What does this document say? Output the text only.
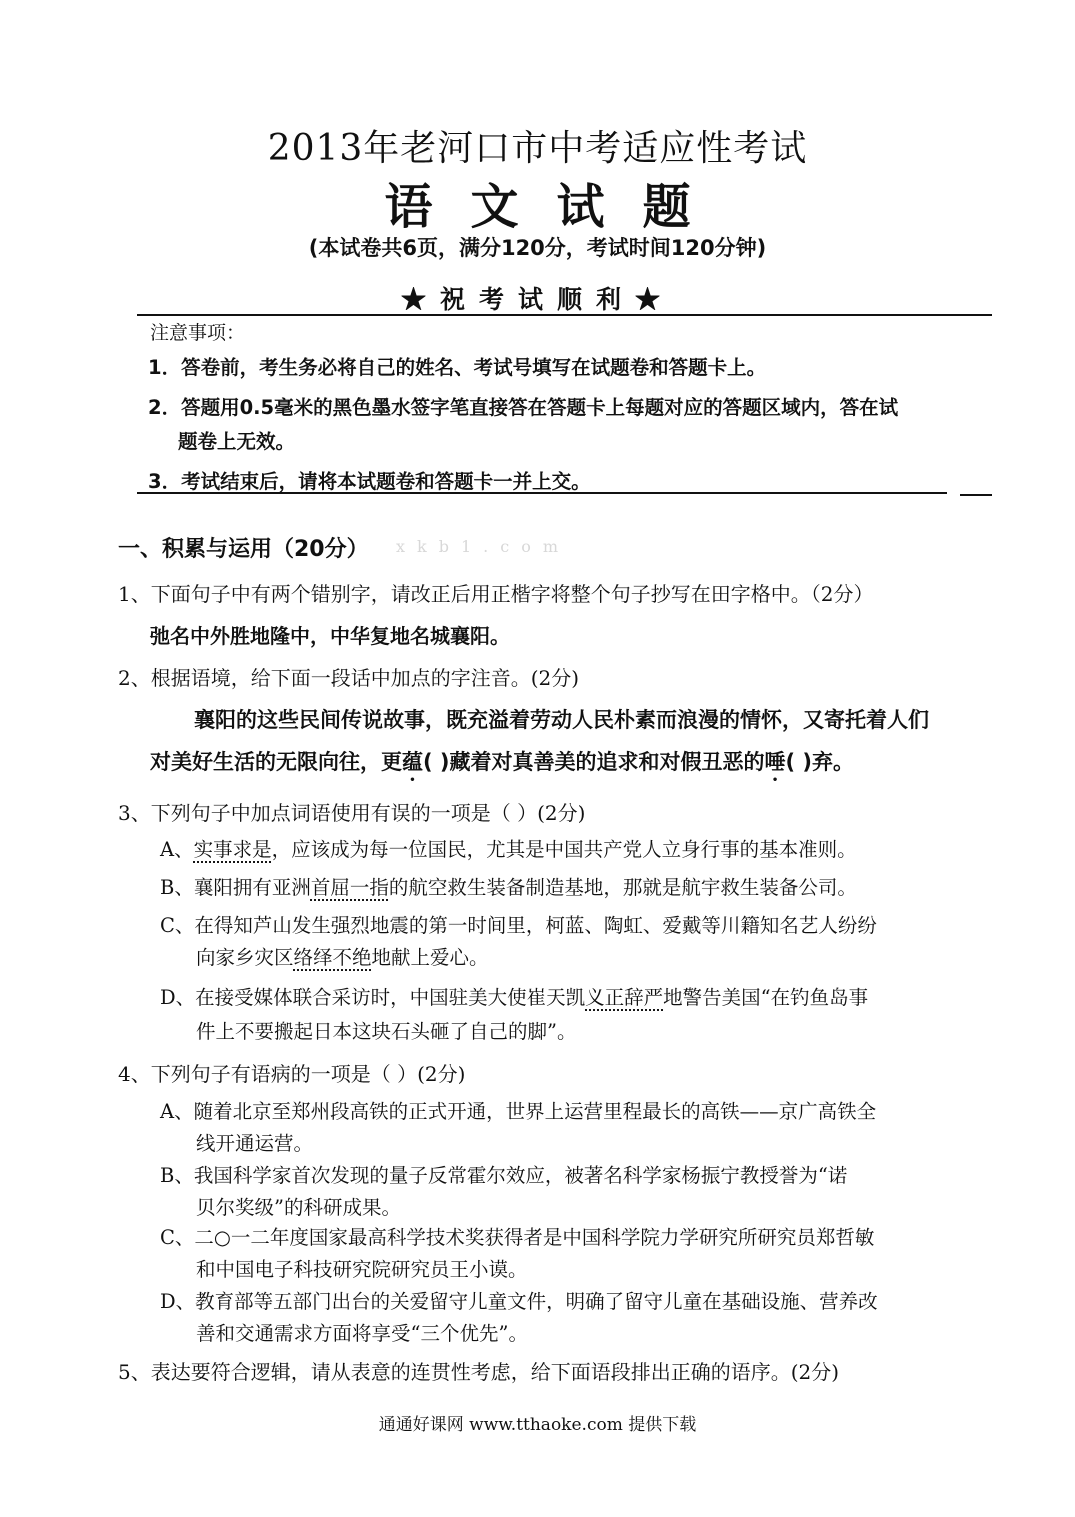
2013年老河口市中考适应性考试
语文试题
(本试卷共6页，满分120分，考试时间120分钟)
★祝考试顺利★
注意事项：
1．答卷前，考生务必将自己的姓名、考试号填写在试题卷和答题卡上。
2．答题用0.5毫米的黑色墨水签字笔直接答在答题卡上每题对应的答题区域内，答在试
题卷上无效。
3．考试结束后，请将本试题卷和答题卡一并上交。
一、积累与运用（20分） xkb1.com
1、下面句子中有两个错别字，请改正后用正楷字将整个句子抄写在田字格中。（2分）
弛名中外胜地隆中，中华复地名城襄阳。
2、根据语境，给下面一段话中加点的字注音。(2分)
襄阳的这些民间传说故事，既充溢着劳动人民朴素而浪漫的情怀，又寄托着人们
对美好生活的无限向往，更蕴( )藏着对真善美的追求和对假丑恶的唾( )弃。
3、下列句子中加点词语使用有误的一项是（ ）(2分)
A、实事求是，应该成为每一位国民，尤其是中国共产党人立身行事的基本准则。
B、襄阳拥有亚洲首屈一指的航空救生装备制造基地，那就是航宇救生装备公司。
C、在得知芦山发生强烈地震的第一时间里，柯蓝、陶虹、爱戴等川籍知名艺人纷纷
向家乡灾区络绎不绝地献上爱心。
D、在接受媒体联合采访时，中国驻美大使崔天凯义正辞严地警告美国“在钓鱼岛事
件上不要搬起日本这块石头砸了自己的脚”。
4、下列句子有语病的一项是（ ）(2分)
A、随着北京至郑州段高铁的正式开通，世界上运营里程最长的高铁——京广高铁全
线开通运营。
B、我国科学家首次发现的量子反常霍尔效应，被著名科学家杨振宁教授誉为“诺
贝尔奖级”的科研成果。
C、二○一二年度国家最高科学技术奖获得者是中国科学院力学研究所研究员郑哲敏
和中国电子科技研究院研究员王小谟。
D、教育部等五部门出台的关爱留守儿童文件，明确了留守儿童在基础设施、营养改
善和交通需求方面将享受“三个优先”。
5、表达要符合逻辑，请从表意的连贯性考虑，给下面语段排出正确的语序。(2分)
通通好课网 www.tthaoke.com 提供下载
